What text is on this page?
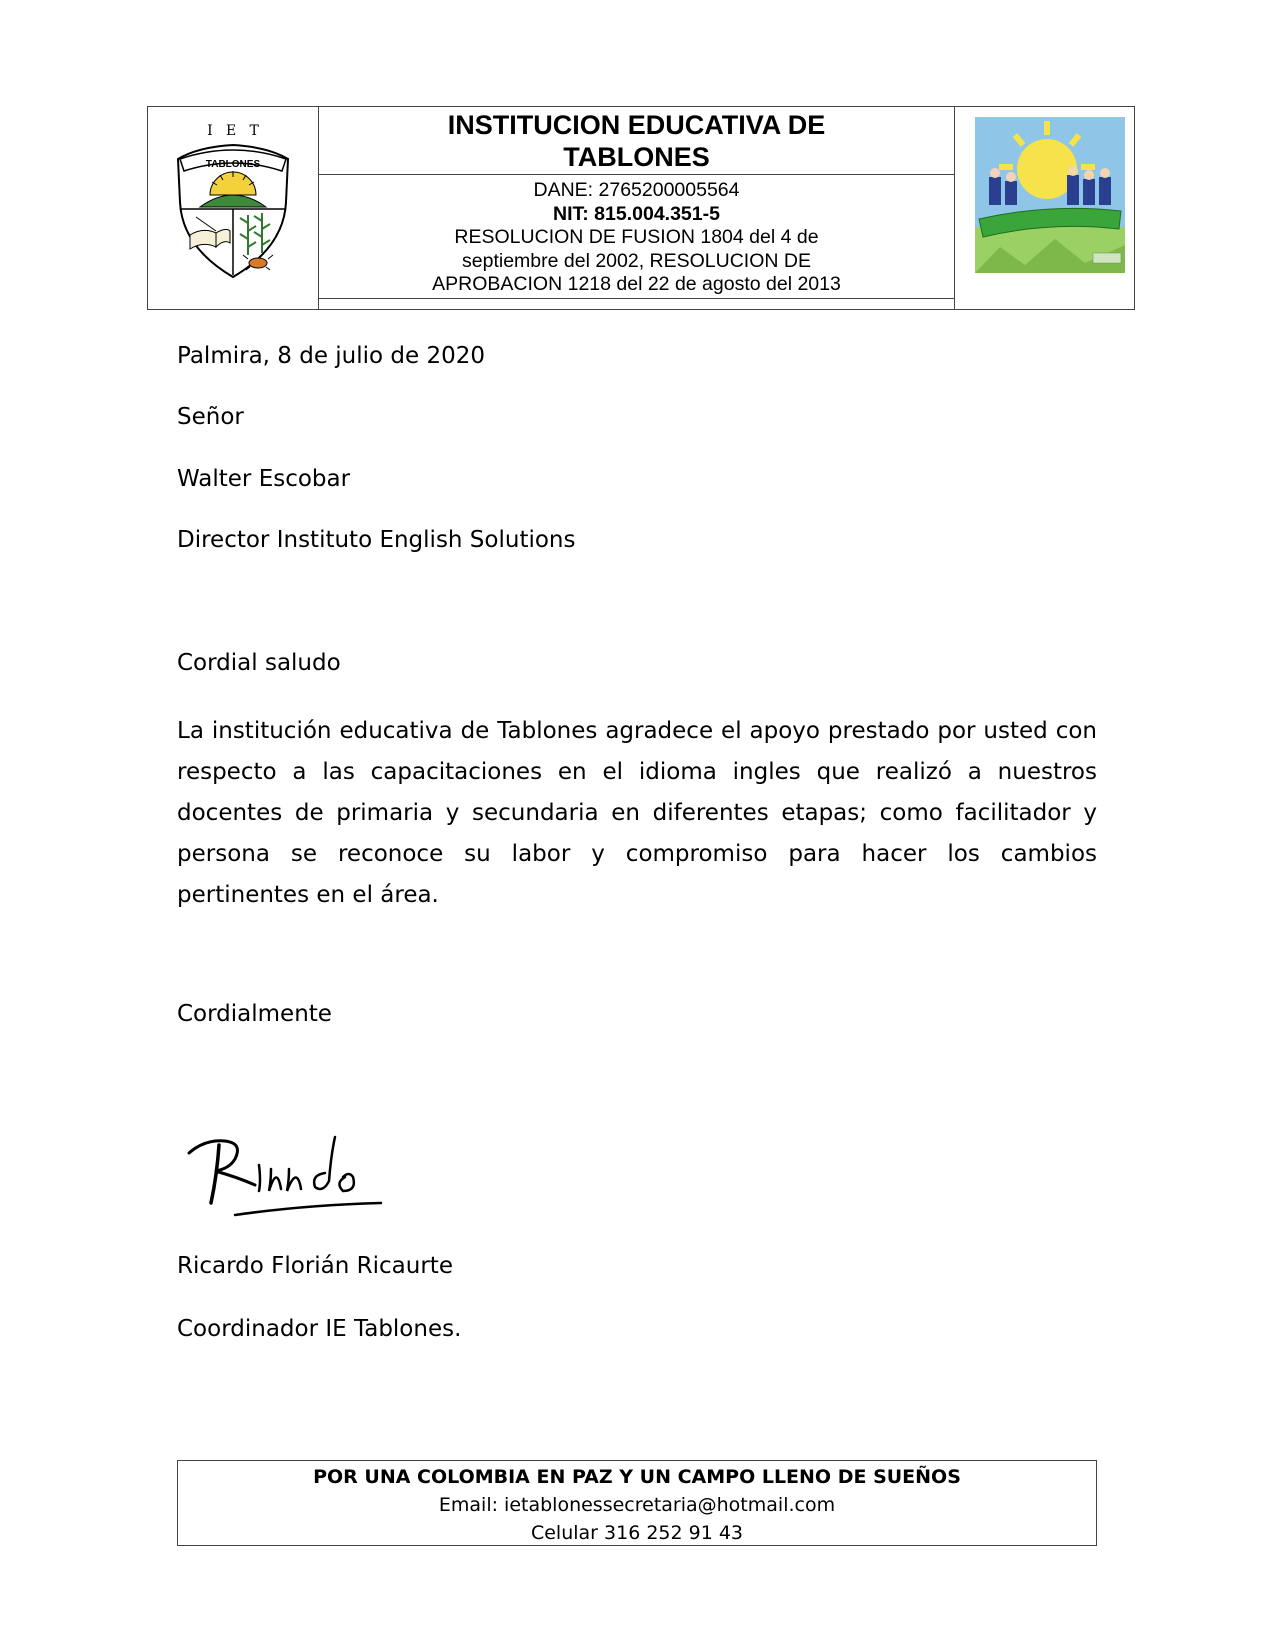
I   E   T
TABLONES
INSTITUCION EDUCATIVA DE
TABLONES
DANE: 2765200005564
NIT: 815.004.351-5
RESOLUCION DE FUSION 1804 del 4 de
septiembre del 2002, RESOLUCION DE
APROBACION 1218 del 22 de agosto del 2013
Palmira, 8 de julio de 2020
Señor
Walter Escobar
Director Instituto English Solutions
Cordial saludo
La institución educativa de Tablones agradece el apoyo prestado por usted con respecto a las capacitaciones en el idioma ingles que realizó a nuestros docentes de primaria y secundaria en diferentes etapas; como facilitador y persona se reconoce su labor y compromiso para hacer los cambios pertinentes en el área.
Cordialmente
Ricardo Florián Ricaurte
Coordinador IE Tablones.
POR UNA COLOMBIA EN PAZ Y UN CAMPO LLENO DE SUEÑOS
Email: ietablonessecretaria@hotmail.com
Celular 316 252 91 43
